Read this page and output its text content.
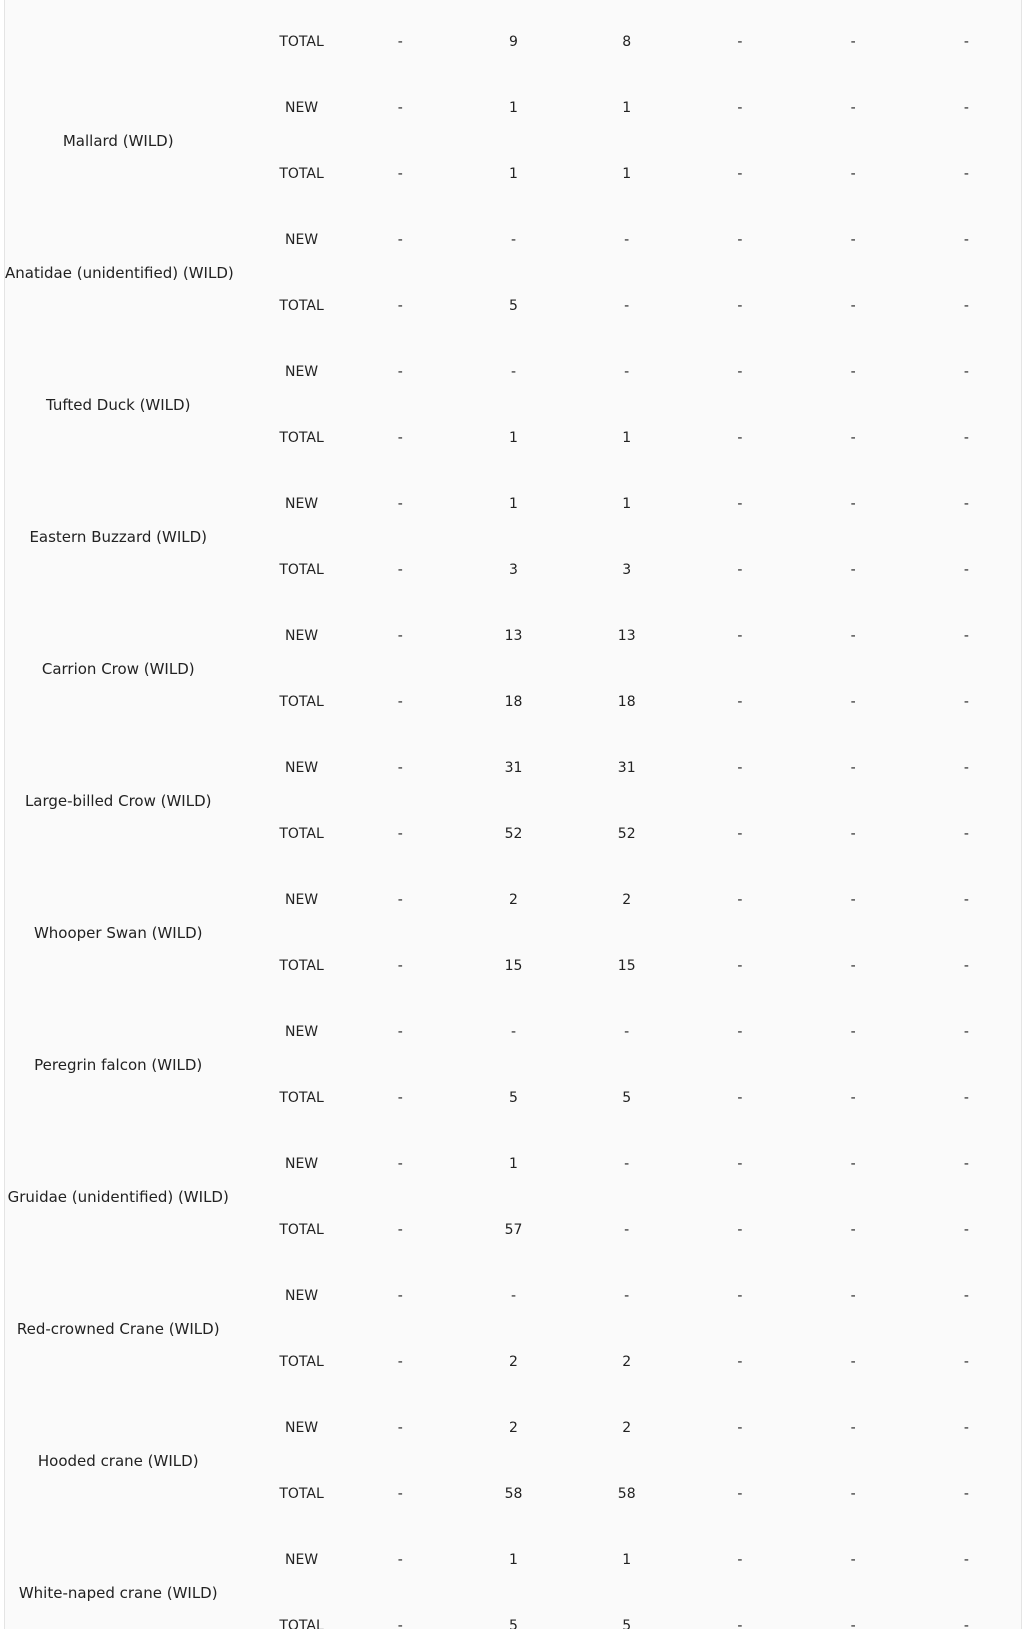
	TOTAL	-	9	8	-	-	-
Mallard (WILD)	NEW	-	1	1	-	-	-
	TOTAL	-	1	1	-	-	-
Anatidae (unidentified) (WILD)	NEW	-	-	-	-	-	-
	TOTAL	-	5	-	-	-	-
Tufted Duck (WILD)	NEW	-	-	-	-	-	-
	TOTAL	-	1	1	-	-	-
Eastern Buzzard (WILD)	NEW	-	1	1	-	-	-
	TOTAL	-	3	3	-	-	-
Carrion Crow (WILD)	NEW	-	13	13	-	-	-
	TOTAL	-	18	18	-	-	-
Large-billed Crow (WILD)	NEW	-	31	31	-	-	-
	TOTAL	-	52	52	-	-	-
Whooper Swan (WILD)	NEW	-	2	2	-	-	-
	TOTAL	-	15	15	-	-	-
Peregrin falcon (WILD)	NEW	-	-	-	-	-	-
	TOTAL	-	5	5	-	-	-
Gruidae (unidentified) (WILD)	NEW	-	1	-	-	-	-
	TOTAL	-	57	-	-	-	-
Red-crowned Crane (WILD)	NEW	-	-	-	-	-	-
	TOTAL	-	2	2	-	-	-
Hooded crane (WILD)	NEW	-	2	2	-	-	-
	TOTAL	-	58	58	-	-	-
White-naped crane (WILD)	NEW	-	1	1	-	-	-
	TOTAL	-	5	5	-	-	-
